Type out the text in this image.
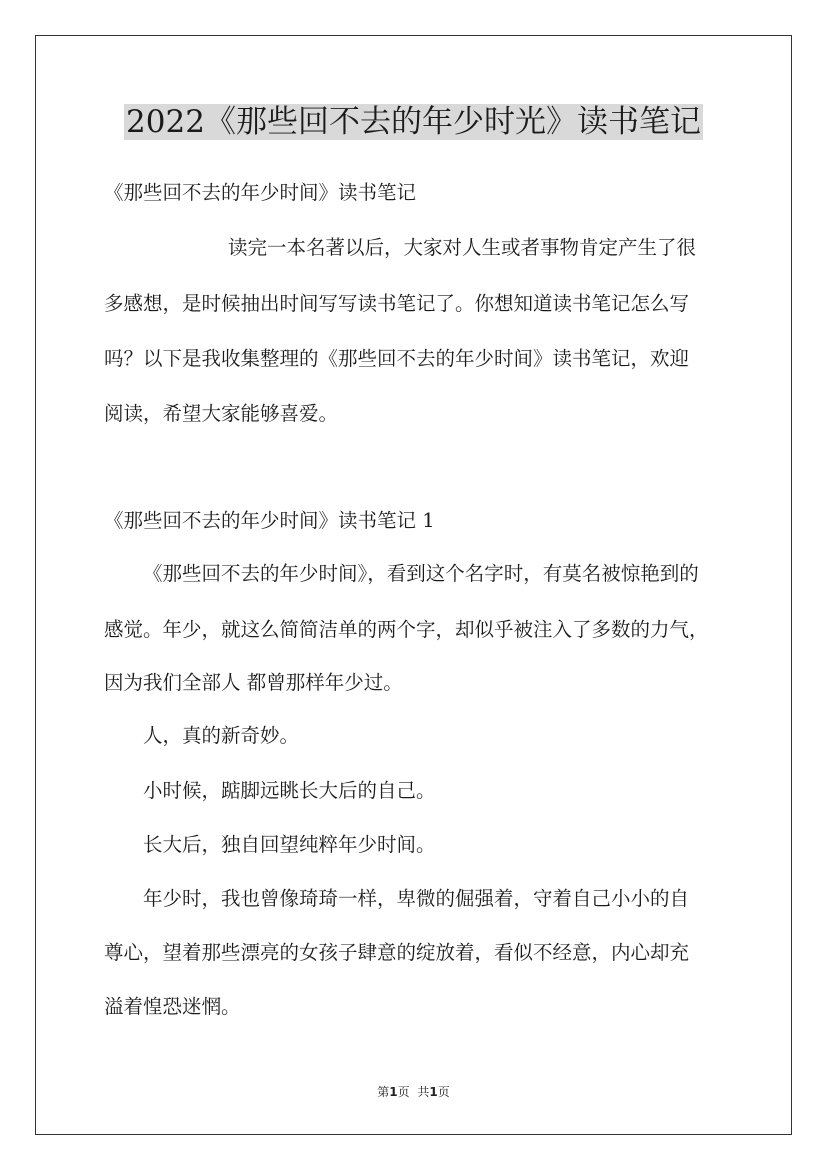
2022《那些回不去的年少时光》读书笔记

《那些回不去的年少时间》读书笔记

读完一本名著以后，大家对人生或者事物肯定产生了很

多感想，是时候抽出时间写写读书笔记了。你想知道读书笔记怎么写

吗？以下是我收集整理的《那些回不去的年少时间》读书笔记，欢迎

阅读，希望大家能够喜爱。

《那些回不去的年少时间》读书笔记 1

《那些回不去的年少时间》，看到这个名字时，有莫名被惊艳到的

感觉。年少，就这么简简洁单的两个字，却似乎被注入了多数的力气，

因为我们全部人 都曾那样年少过。

人，真的新奇妙。

小时候，踮脚远眺长大后的自己。

长大后，独自回望纯粹年少时间。

年少时，我也曾像琦琦一样，卑微的倔强着，守着自己小小的自

尊心，望着那些漂亮的女孩子肆意的绽放着，看似不经意，内心却充

溢着惶恐迷惘。

第1页 共1页
